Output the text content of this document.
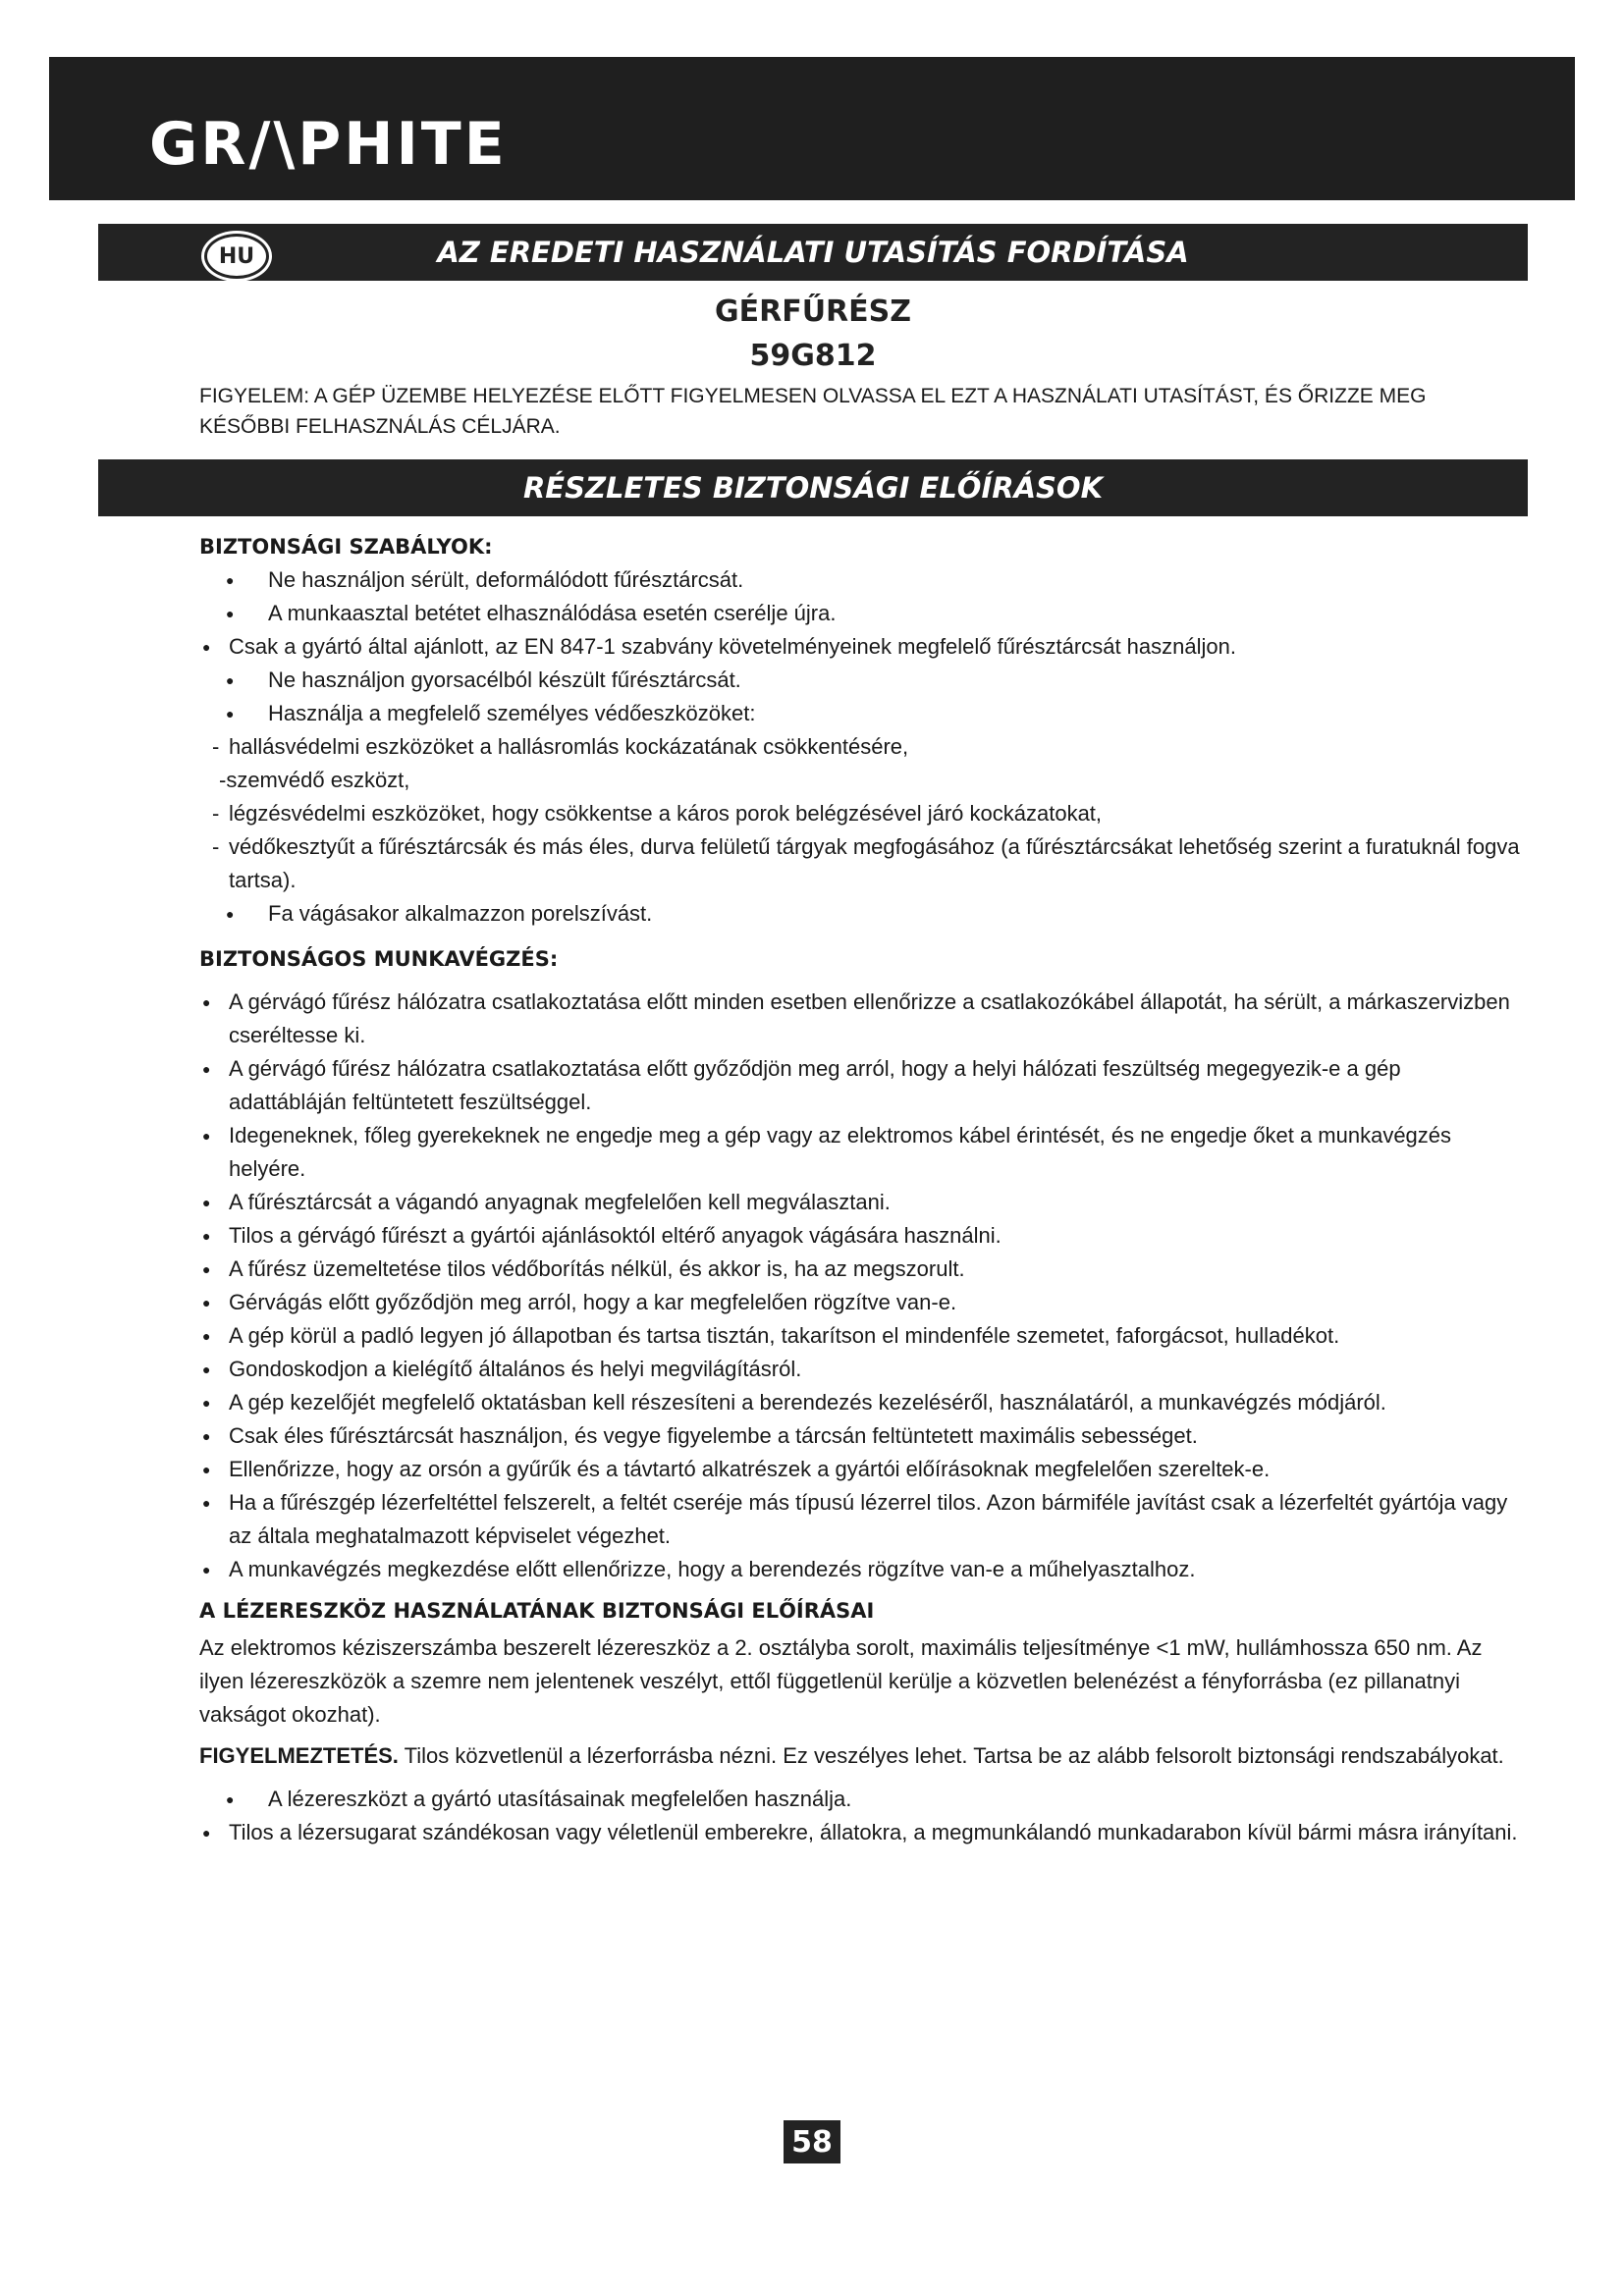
GR/\PHITE
AZ EREDETI HASZNÁLATI UTASÍTÁS FORDÍTÁSA
HU
GÉRFŰRÉSZ
59G812
FIGYELEM: A GÉP ÜZEMBE HELYEZÉSE ELŐTT FIGYELMESEN OLVASSA EL EZT A HASZNÁLATI UTASÍTÁST, ÉS ŐRIZZE MEG KÉSŐBBI FELHASZNÁLÁS CÉLJÁRA.
RÉSZLETES BIZTONSÁGI ELŐÍRÁSOK
BIZTONSÁGI SZABÁLYOK:
● Ne használjon sérült, deformálódott fűrésztárcsát.
● A munkaasztal betétet elhasználódása esetén cserélje újra.
● Csak a gyártó által ajánlott, az EN 847-1 szabvány követelményeinek megfelelő fűrésztárcsát használjon.
● Ne használjon gyorsacélból készült fűrésztárcsát.
● Használja a megfelelő személyes védőeszközöket:
- hallásvédelmi eszközöket a hallásromlás kockázatának csökkentésére,
-szemvédő eszközt,
- légzésvédelmi eszközöket, hogy csökkentse a káros porok belégzésével járó kockázatokat,
- védőkesztyűt a fűrésztárcsák és más éles, durva felületű tárgyak megfogásához (a fűrésztárcsákat lehetőség szerint a furatuknál fogva tartsa).
● Fa vágásakor alkalmazzon porelszívást.
BIZTONSÁGOS MUNKAVÉGZÉS:
● A gérvágó fűrész hálózatra csatlakoztatása előtt minden esetben ellenőrizze a csatlakozókábel állapotát, ha sérült, a márkaszervizben cseréltesse ki.
● A gérvágó fűrész hálózatra csatlakoztatása előtt győződjön meg arról, hogy a helyi hálózati feszültség megegyezik-e a gép adattábláján feltüntetett feszültséggel.
● Idegeneknek, főleg gyerekeknek ne engedje meg a gép vagy az elektromos kábel érintését, és ne engedje őket a munkavégzés helyére.
● A fűrésztárcsát a vágandó anyagnak megfelelően kell megválasztani.
● Tilos a gérvágó fűrészt a gyártói ajánlásoktól eltérő anyagok vágására használni.
● A fűrész üzemeltetése tilos védőborítás nélkül, és akkor is, ha az megszorult.
● Gérvágás előtt győződjön meg arról, hogy a kar megfelelően rögzítve van-e.
● A gép körül a padló legyen jó állapotban és tartsa tisztán, takarítson el mindenféle szemetet, faforgácsot, hulladékot.
● Gondoskodjon a kielégítő általános és helyi megvilágításról.
● A gép kezelőjét megfelelő oktatásban kell részesíteni a berendezés kezeléséről, használatáról, a munkavégzés módjáról.
● Csak éles fűrésztárcsát használjon, és vegye figyelembe a tárcsán feltüntetett maximális sebességet.
● Ellenőrizze, hogy az orsón a gyűrűk és a távtartó alkatrészek a gyártói előírásoknak megfelelően szereltek-e.
● Ha a fűrészgép lézerfeltéttel felszerelt, a feltét cseréje más típusú lézerrel tilos. Azon bármiféle javítást csak a lézerfeltét gyártója vagy az általa meghatalmazott képviselet végezhet.
● A munkavégzés megkezdése előtt ellenőrizze, hogy a berendezés rögzítve van-e a műhelyasztalhoz.
A LÉZERESZKÖZ HASZNÁLATÁNAK BIZTONSÁGI ELŐÍRÁSAI

Az elektromos kéziszerszámba beszerelt lézereszköz a 2. osztályba sorolt, maximális teljesítménye <1 mW, hullámhossza 650 nm. Az ilyen lézereszközök a szemre nem jelentenek veszélyt, ettől függetlenül kerülje a közvetlen belenézést a fényforrásba (ez pillanatnyi vakságot okozhat).

FIGYELMEZTETÉS. Tilos közvetlenül a lézerforrásba nézni. Ez veszélyes lehet. Tartsa be az alább felsorolt biztonsági rendszabályokat.

● A lézereszközt a gyártó utasításainak megfelelően használja.
● Tilos a lézersugarat szándékosan vagy véletlenül emberekre, állatokra, a megmunkálandó munkadarabon kívül bármi másra irányítani.
58
